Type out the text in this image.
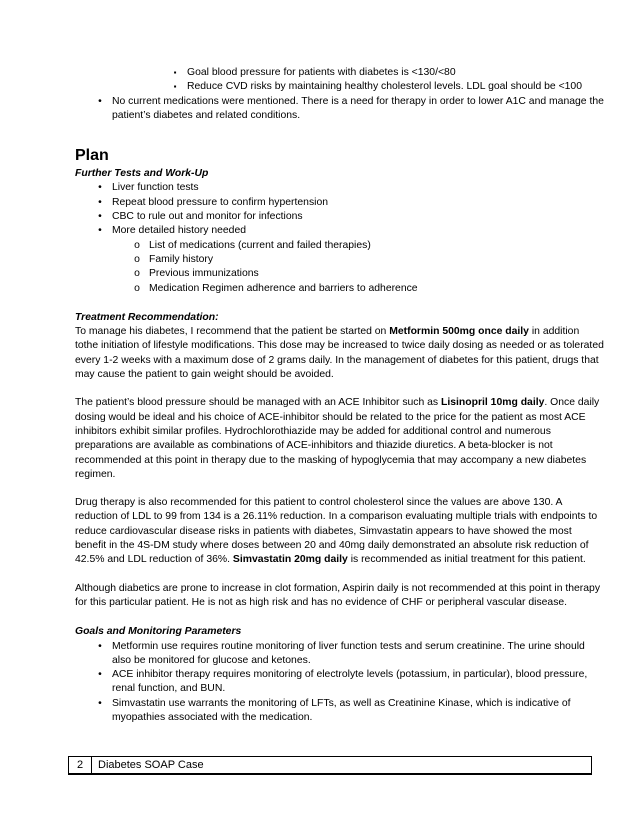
▪	Goal blood pressure for patients with diabetes is <130/<80
▪	Reduce CVD risks by maintaining healthy cholesterol levels. LDL goal should be <100
• No current medications were mentioned. There is a need for therapy in order to lower A1C and manage the patient’s diabetes and related conditions.
Plan
Further Tests and Work-Up
• Liver function tests
• Repeat blood pressure to confirm hypertension
• CBC to rule out and monitor for infections
• More detailed history needed
o List of medications (current and failed therapies)
o Family history
o Previous immunizations
o Medication Regimen adherence and barriers to adherence
Treatment Recommendation:

To manage his diabetes, I recommend that the patient be started on Metformin 500mg once daily in addition tothe initiation of lifestyle modifications. This dose may be increased to twice daily dosing as needed or as tolerated every 1-2 weeks with a maximum dose of 2 grams daily. In the management of diabetes for this patient, drugs that may cause the patient to gain weight should be avoided.

The patient’s blood pressure should be managed with an ACE Inhibitor such as Lisinopril 10mg daily. Once daily dosing would be ideal and his choice of ACE-inhibitor should be related to the price for the patient as most ACE inhibitors exhibit similar profiles. Hydrochlorothiazide may be added for additional control and numerous preparations are available as combinations of ACE-inhibitors and thiazide diuretics. A beta-blocker is not recommended at this point in therapy due to the masking of hypoglycemia that may accompany a new diabetes regimen.

Drug therapy is also recommended for this patient to control cholesterol since the values are above 130. A reduction of LDL to 99 from 134 is a 26.11% reduction. In a comparison evaluating multiple trials with endpoints to reduce cardiovascular disease risks in patients with diabetes, Simvastatin appears to have showed the most benefit in the 4S-DM study where doses between 20 and 40mg daily demonstrated an absolute risk reduction of 42.5% and LDL reduction of 36%. Simvastatin 20mg daily is recommended as initial treatment for this patient.

Although diabetics are prone to increase in clot formation, Aspirin daily is not recommended at this point in therapy for this particular patient. He is not as high risk and has no evidence of CHF or peripheral vascular disease.

Goals and Monitoring Parameters
• Metformin use requires routine monitoring of liver function tests and serum creatinine. The urine should also be monitored for glucose and ketones.
• ACE inhibitor therapy requires monitoring of electrolyte levels (potassium, in particular), blood pressure, renal function, and BUN.
• Simvastatin use warrants the monitoring of LFTs, as well as Creatinine Kinase, which is indicative of myopathies associated with the medication.
2	Diabetes SOAP Case
